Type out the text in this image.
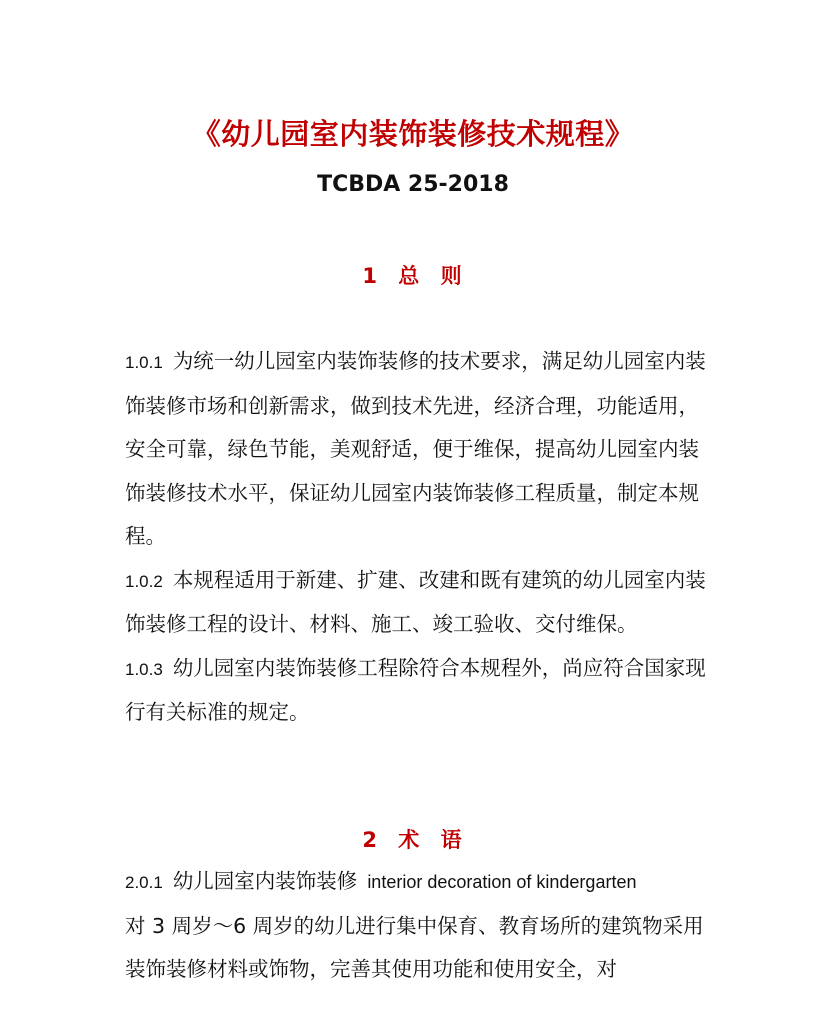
《幼儿园室内装饰装修技术规程》
TCBDA 25-2018
1 总 则

1.0.1 为统一幼儿园室内装饰装修的技术要求，满足幼儿园室内装饰装修市场和创新需求，做到技术先进，经济合理，功能适用，安全可靠，绿色节能，美观舒适，便于维保，提高幼儿园室内装饰装修技术水平，保证幼儿园室内装饰装修工程质量，制定本规程。

1.0.2 本规程适用于新建、扩建、改建和既有建筑的幼儿园室内装饰装修工程的设计、材料、施工、竣工验收、交付维保。

1.0.3 幼儿园室内装饰装修工程除符合本规程外，尚应符合国家现行有关标准的规定。

2 术 语

2.0.1 幼儿园室内装饰装修 interior decoration of kindergarten

对 3 周岁～6 周岁的幼儿进行集中保育、教育场所的建筑物采用装饰装修材料或饰物，完善其使用功能和使用安全，对
